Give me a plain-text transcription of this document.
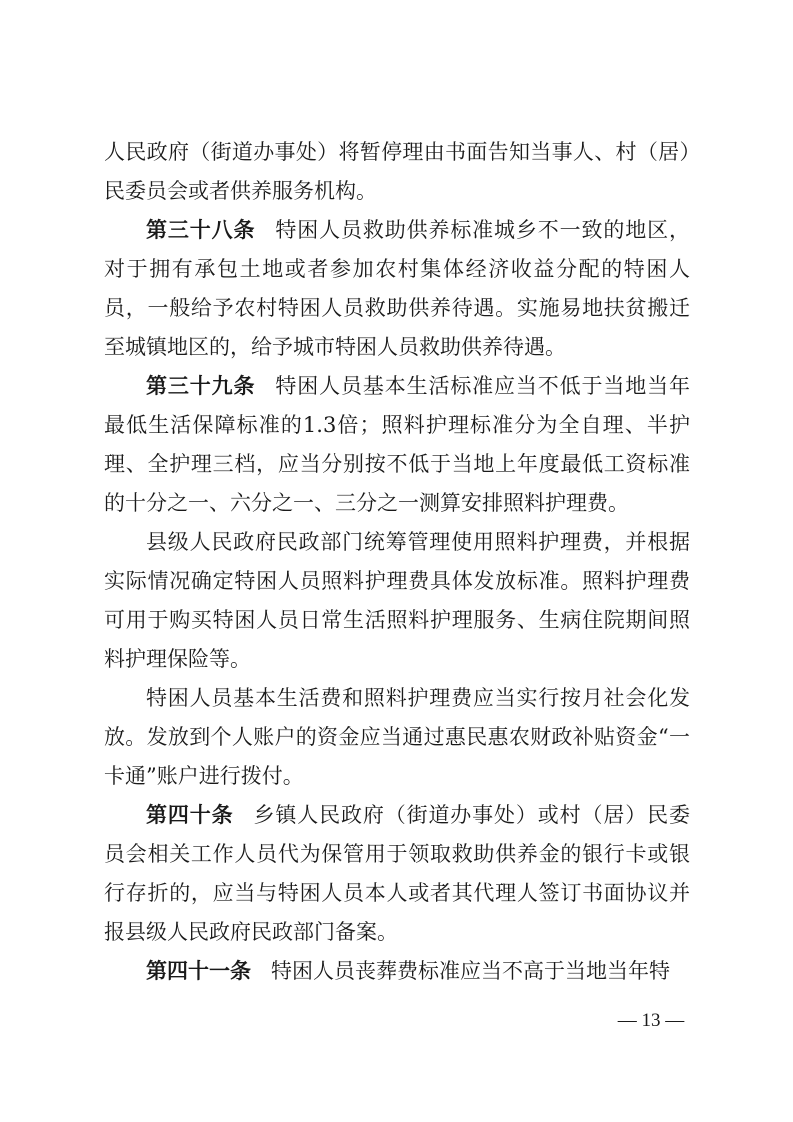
人民政府（街道办事处）将暂停理由书面告知当事人、村（居）民委员会或者供养服务机构。

第三十八条 特困人员救助供养标准城乡不一致的地区，对于拥有承包土地或者参加农村集体经济收益分配的特困人员，一般给予农村特困人员救助供养待遇。实施易地扶贫搬迁至城镇地区的，给予城市特困人员救助供养待遇。

第三十九条 特困人员基本生活标准应当不低于当地当年最低生活保障标准的1.3倍；照料护理标准分为全自理、半护理、全护理三档，应当分别按不低于当地上年度最低工资标准的十分之一、六分之一、三分之一测算安排照料护理费。

县级人民政府民政部门统筹管理使用照料护理费，并根据实际情况确定特困人员照料护理费具体发放标准。照料护理费可用于购买特困人员日常生活照料护理服务、生病住院期间照料护理保险等。

特困人员基本生活费和照料护理费应当实行按月社会化发放。发放到个人账户的资金应当通过惠民惠农财政补贴资金“一卡通”账户进行拨付。

第四十条 乡镇人民政府（街道办事处）或村（居）民委员会相关工作人员代为保管用于领取救助供养金的银行卡或银行存折的，应当与特困人员本人或者其代理人签订书面协议并报县级人民政府民政部门备案。

第四十一条 特困人员丧葬费标准应当不高于当地当年特

— 13 —
